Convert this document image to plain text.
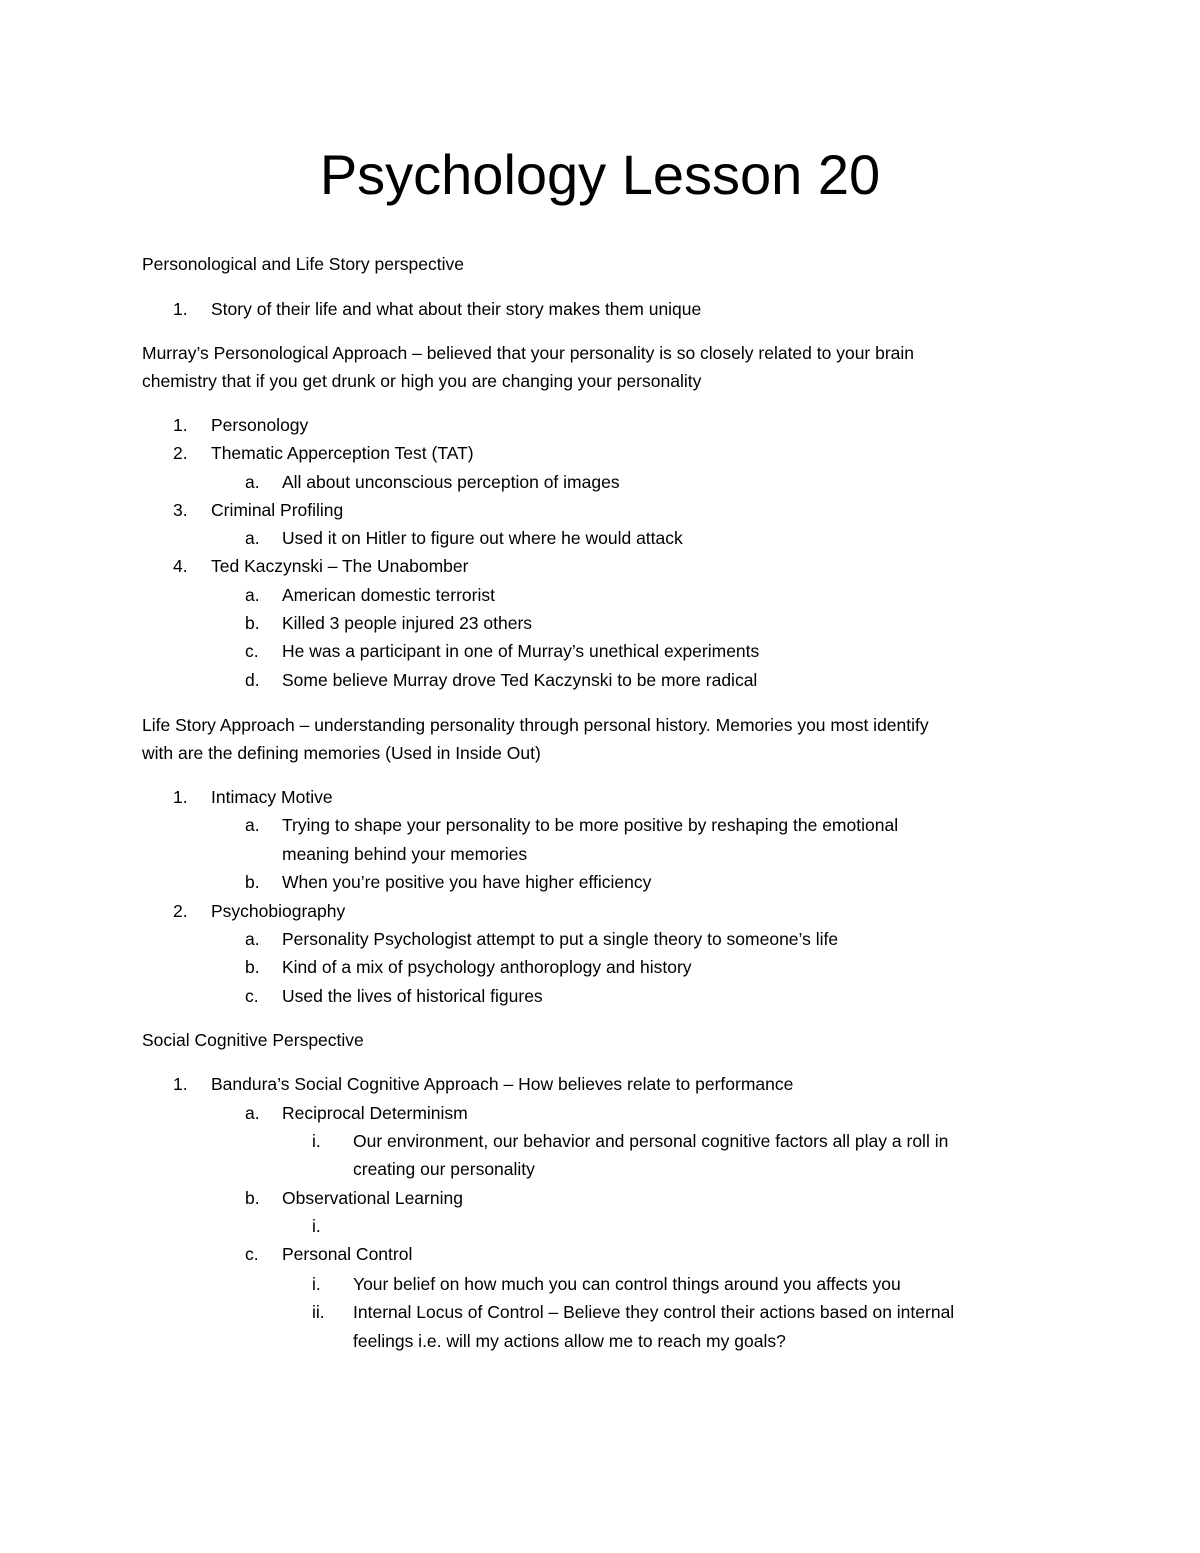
Psychology Lesson 20
Personological and Life Story perspective
1. Story of their life and what about their story makes them unique
Murray’s Personological Approach – believed that your personality is so closely related to your brain
chemistry that if you get drunk or high you are changing your personality
1. Personology
2. Thematic Apperception Test (TAT)
a. All about unconscious perception of images
3. Criminal Profiling
a. Used it on Hitler to figure out where he would attack
4. Ted Kaczynski – The Unabomber
a. American domestic terrorist
b. Killed 3 people injured 23 others
c. He was a participant in one of Murray’s unethical experiments
d. Some believe Murray drove Ted Kaczynski to be more radical
Life Story Approach – understanding personality through personal history. Memories you most identify
with are the defining memories (Used in Inside Out)
1. Intimacy Motive
a. Trying to shape your personality to be more positive by reshaping the emotional
meaning behind your memories
b. When you’re positive you have higher efficiency
2. Psychobiography
a. Personality Psychologist attempt to put a single theory to someone’s life
b. Kind of a mix of psychology anthoroplogy and history
c. Used the lives of historical figures
Social Cognitive Perspective
1. Bandura’s Social Cognitive Approach – How believes relate to performance
a. Reciprocal Determinism
i. Our environment, our behavior and personal cognitive factors all play a roll in
creating our personality
b. Observational Learning
i.
c. Personal Control
i. Your belief on how much you can control things around you affects you
ii. Internal Locus of Control – Believe they control their actions based on internal
feelings i.e. will my actions allow me to reach my goals?
